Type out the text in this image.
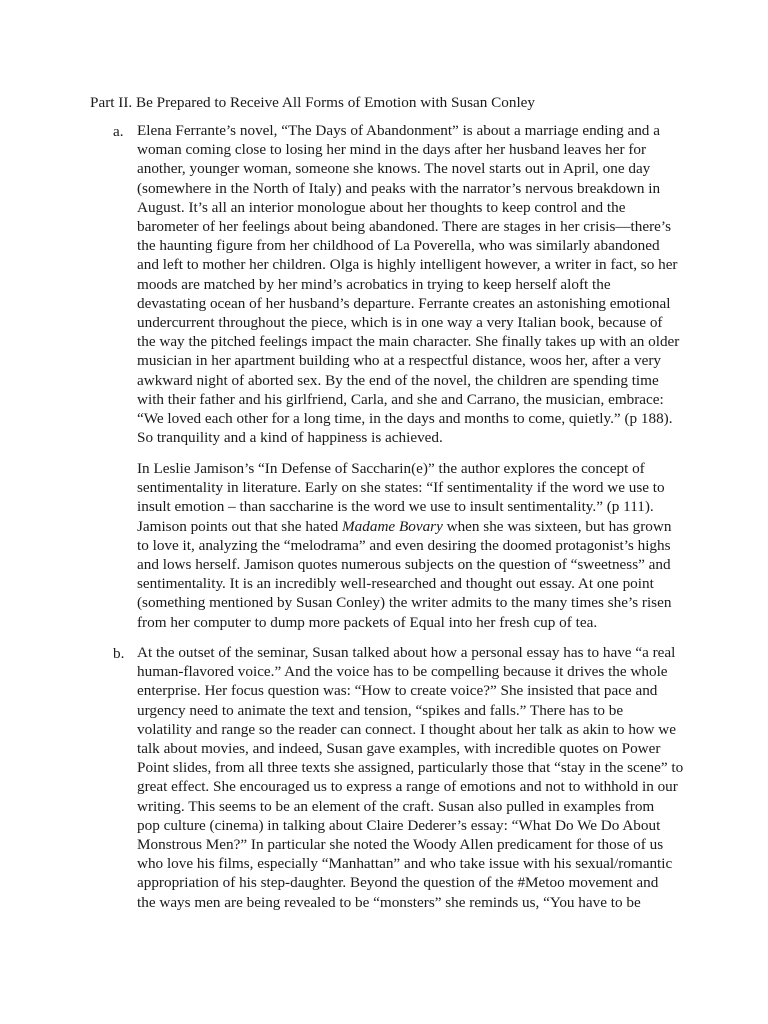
Part II. Be Prepared to Receive All Forms of Emotion with Susan Conley
a. Elena Ferrante’s novel, “The Days of Abandonment” is about a marriage ending and a
woman coming close to losing her mind in the days after her husband leaves her for
another, younger woman, someone she knows. The novel starts out in April, one day
(somewhere in the North of Italy) and peaks with the narrator’s nervous breakdown in
August. It’s all an interior monologue about her thoughts to keep control and the
barometer of her feelings about being abandoned. There are stages in her crisis—there’s
the haunting figure from her childhood of La Poverella, who was similarly abandoned
and left to mother her children. Olga is highly intelligent however, a writer in fact, so her
moods are matched by her mind’s acrobatics in trying to keep herself aloft the
devastating ocean of her husband’s departure. Ferrante creates an astonishing emotional
undercurrent throughout the piece, which is in one way a very Italian book, because of
the way the pitched feelings impact the main character. She finally takes up with an older
musician in her apartment building who at a respectful distance, woos her, after a very
awkward night of aborted sex. By the end of the novel, the children are spending time
with their father and his girlfriend, Carla, and she and Carrano, the musician, embrace:
“We loved each other for a long time, in the days and months to come, quietly.” (p 188).
So tranquility and a kind of happiness is achieved.
In Leslie Jamison’s “In Defense of Saccharin(e)” the author explores the concept of
sentimentality in literature. Early on she states: “If sentimentality if the word we use to
insult emotion – than saccharine is the word we use to insult sentimentality.” (p 111).
Jamison points out that she hated Madame Bovary when she was sixteen, but has grown
to love it, analyzing the “melodrama” and even desiring the doomed protagonist’s highs
and lows herself. Jamison quotes numerous subjects on the question of “sweetness” and
sentimentality. It is an incredibly well-researched and thought out essay. At one point
(something mentioned by Susan Conley) the writer admits to the many times she’s risen
from her computer to dump more packets of Equal into her fresh cup of tea.
b. At the outset of the seminar, Susan talked about how a personal essay has to have “a real
human-flavored voice.” And the voice has to be compelling because it drives the whole
enterprise. Her focus question was: “How to create voice?” She insisted that pace and
urgency need to animate the text and tension, “spikes and falls.” There has to be
volatility and range so the reader can connect. I thought about her talk as akin to how we
talk about movies, and indeed, Susan gave examples, with incredible quotes on Power
Point slides, from all three texts she assigned, particularly those that “stay in the scene” to
great effect. She encouraged us to express a range of emotions and not to withhold in our
writing. This seems to be an element of the craft. Susan also pulled in examples from
pop culture (cinema) in talking about Claire Dederer’s essay: “What Do We Do About
Monstrous Men?” In particular she noted the Woody Allen predicament for those of us
who love his films, especially “Manhattan” and who take issue with his sexual/romantic
appropriation of his step-daughter. Beyond the question of the #Metoo movement and
the ways men are being revealed to be “monsters” she reminds us, “You have to be
